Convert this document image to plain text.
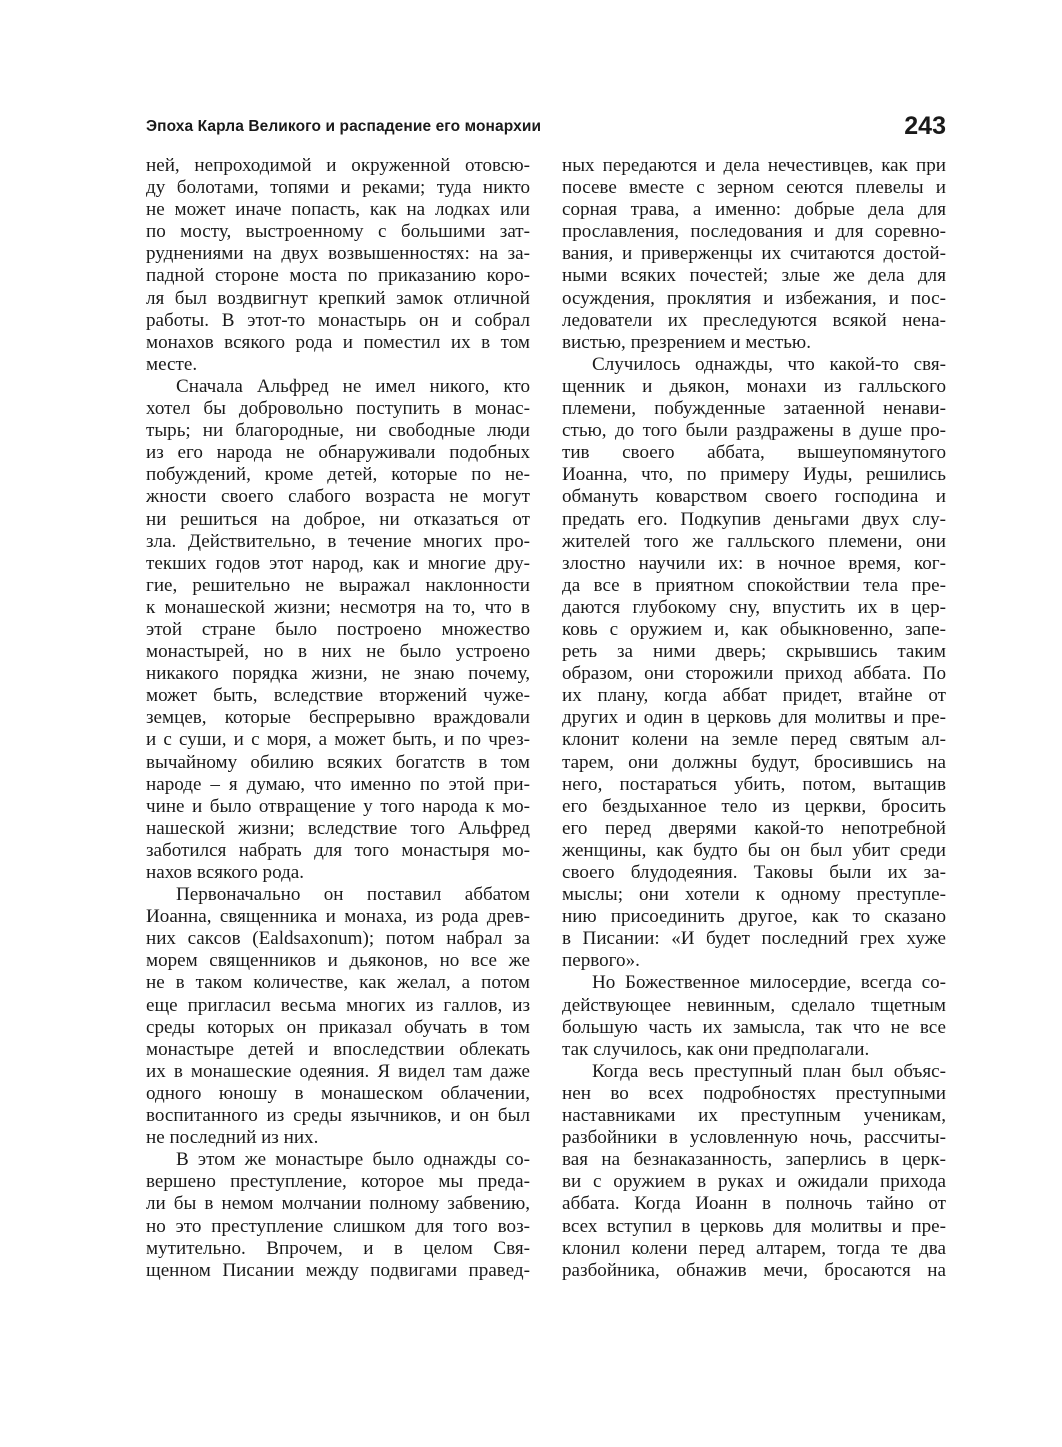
Эпоха Карла Великого и распадение его монархии	243
ней, непроходимой и окруженной отовсю-
ду болотами, топями и реками; туда никто
не может иначе попасть, как на лодках или
по мосту, выстроенному с большими зат-
руднениями на двух возвышенностях: на за-
падной стороне моста по приказанию коро-
ля был воздвигнут крепкий замок отличной
работы. В этот-то монастырь он и собрал
монахов всякого рода и поместил их в том
месте.
Сначала Альфред не имел никого, кто
хотел бы добровольно поступить в монас-
тырь; ни благородные, ни свободные люди
из его народа не обнаруживали подобных
побуждений, кроме детей, которые по не-
жности своего слабого возраста не могут
ни решиться на доброе, ни отказаться от
зла. Действительно, в течение многих про-
текших годов этот народ, как и многие дру-
гие, решительно не выражал наклонности
к монашеской жизни; несмотря на то, что в
этой стране было построено множество
монастырей, но в них не было устроено
никакого порядка жизни, не знаю почему,
может быть, вследствие вторжений чуже-
земцев, которые беспрерывно враждовали
и с суши, и с моря, а может быть, и по чрез-
вычайному обилию всяких богатств в том
народе – я думаю, что именно по этой при-
чине и было отвращение у того народа к мо-
нашеской жизни; вследствие того Альфред
заботился набрать для того монастыря мо-
нахов всякого рода.
Первоначально он поставил аббатом
Иоанна, священника и монаха, из рода древ-
них саксов (Ealdsaxonum); потом набрал за
морем священников и дьяконов, но все же
не в таком количестве, как желал, а потом
еще пригласил весьма многих из галлов, из
среды которых он приказал обучать в том
монастыре детей и впоследствии облекать
их в монашеские одеяния. Я видел там даже
одного юношу в монашеском облачении,
воспитанного из среды язычников, и он был
не последний из них.
В этом же монастыре было однажды со-
вершено преступление, которое мы преда-
ли бы в немом молчании полному забвению,
но это преступление слишком для того воз-
мутительно. Впрочем, и в целом Свя-
щенном Писании между подвигами правед-
ных передаются и дела нечестивцев, как при
посеве вместе с зерном сеются плевелы и
сорная трава, а именно: добрые дела для
прославления, последования и для соревно-
вания, и приверженцы их считаются достой-
ными всяких почестей; злые же дела для
осуждения, проклятия и избежания, и пос-
ледователи их преследуются всякой нена-
вистью, презрением и местью.
Случилось однажды, что какой-то свя-
щенник и дьякон, монахи из галльского
племени, побужденные затаенной ненави-
стью, до того были раздражены в душе про-
тив своего аббата, вышеупомянутого
Иоанна, что, по примеру Иуды, решились
обмануть коварством своего господина и
предать его. Подкупив деньгами двух слу-
жителей того же галльского племени, они
злостно научили их: в ночное время, ког-
да все в приятном спокойствии тела пре-
даются глубокому сну, впустить их в цер-
ковь с оружием и, как обыкновенно, запе-
реть за ними дверь; скрывшись таким
образом, они сторожили приход аббата. По
их плану, когда аббат придет, втайне от
других и один в церковь для молитвы и пре-
клонит колени на земле перед святым ал-
тарем, они должны будут, бросившись на
него, постараться убить, потом, вытащив
его бездыханное тело из церкви, бросить
его перед дверями какой-то непотребной
женщины, как будто бы он был убит среди
своего блудодеяния. Таковы были их за-
мыслы; они хотели к одному преступле-
нию присоединить другое, как то сказано
в Писании: «И будет последний грех хуже
первого».
Но Божественное милосердие, всегда со-
действующее невинным, сделало тщетным
большую часть их замысла, так что не все
так случилось, как они предполагали.
Когда весь преступный план был объяс-
нен во всех подробностях преступными
наставниками их преступным ученикам,
разбойники в условленную ночь, рассчиты-
вая на безнаказанность, заперлись в церк-
ви с оружием в руках и ожидали прихода
аббата. Когда Иоанн в полночь тайно от
всех вступил в церковь для молитвы и пре-
клонил колени перед алтарем, тогда те два
разбойника, обнажив мечи, бросаются на
